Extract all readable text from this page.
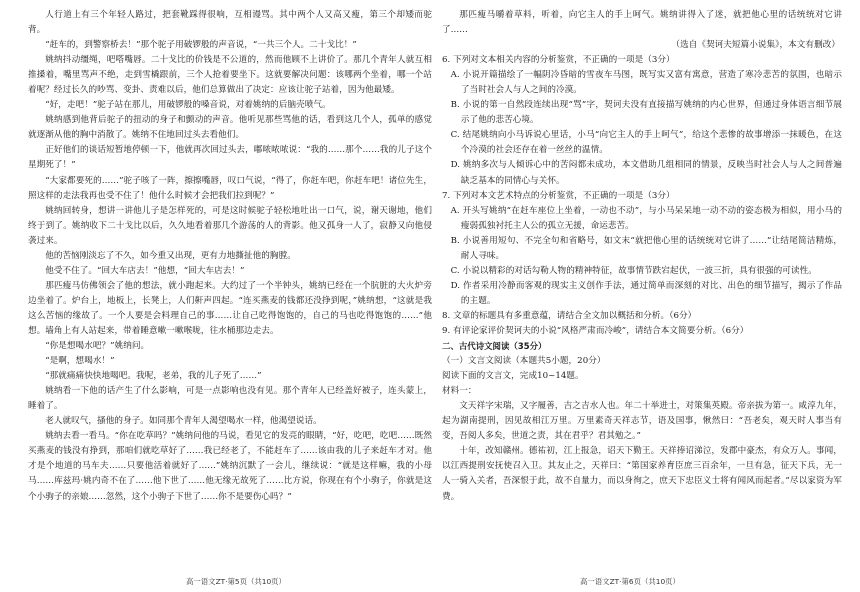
人行道上有三个年轻人路过，把套靴踩得很响，互相谩骂。其中两个人又高又瘦，第三个却矮而驼背。

“赶车的，到警察桥去！”那个驼子用破锣般的声音说，“一共三个人。二十戈比！”

姚纳抖动缰绳，吧嗒嘴唇。二十戈比的价钱是不公道的，然而他顾不上讲价了。那几个青年人就互相推搡着，嘴里骂声不绝，走到雪橇跟前，三个人抢着要坐下。这就要解决问题：该哪两个坐着，哪一个站着呢？经过长久的吵骂、变卦、责难以后，他们总算做出了决定：应该让驼子站着，因为他最矮。

“好，走吧！”驼子站在那儿，用破锣般的嗓音说，对着姚纳的后脑壳喷气。

姚纳感到他背后驼子的扭动的身子和颤动的声音。他听见那些骂他的话，看到这几个人，孤单的感觉就逐渐从他的胸中消散了。姚纳不住地回过头去看他们。

正好他们的谈话短暂地停顿一下，他就再次回过头去，嘟哝哝哝说：“我的……那个……我的儿子这个星期死了！”

“大家都要死的……”驼子咳了一阵，擦擦嘴唇，叹口气说，“得了，你赶车吧，你赶车吧！诸位先生，照这样的走法我再也受不住了！他什么时候才会把我们拉到呢？”

姚纳回转身，想讲一讲他儿子是怎样死的，可是这时候驼子轻松地吐出一口气，说，谢天谢地，他们终于到了。姚纳收下二十戈比以后，久久地看着那几个游荡的人的背影。他又孤身一人了，寂静又向他侵袭过来。

他的苦恼刚淡忘了不久，如今重又出现，更有力地撕扯他的胸膛。

他受不住了。“回大车店去！”他想，“回大车店去！”

那匹瘦马仿佛领会了他的想法，就小跑起来。大约过了一个半钟头，姚纳已经在一个肮脏的大火炉旁边坐着了。炉台上，地板上，长凳上，人们鼾声四起。“连买燕麦的钱都还没挣到呢，”姚纳想，“这就是我这么苦恼的缘故了。一个人要是会料理自己的事……让自己吃得饱饱的，自己的马也吃得饱饱的……”他想。墙角上有人站起来，带着睡意嗽一嗽喉咙，往水桶那边走去。

“你是想喝水吧？”姚纳问。

“是啊，想喝水！”

“那就痛痛快快地喝吧。我呢，老弟，我的儿子死了……”

姚纳看一下他的话产生了什么影响，可是一点影响也没有见。那个青年人已经盖好被子，连头蒙上，睡着了。

老人就叹气，搔他的身子。如同那个青年人渴望喝水一样，他渴望说话。

姚纳去看一看马。“你在吃草吗？”姚纳问他的马说，看见它的发亮的眼睛，“好，吃吧，吃吧……既然买燕麦的钱没有挣到，那咱们就吃草好了……我已经老了，不能赶车了……该由我的儿子来赶车才对。他才是个地道的马车夫……只要他活着就好了……”姚纳沉默了一会儿，继续说：“就是这样嘛，我的小母马……库兹玛·姚内奇不在了……他下世了……他无缘无故死了……比方说，你现在有个小驹子，你就是这个小驹子的亲娘……忽然，这个小驹子下世了……你不是要伤心吗？”

那匹瘦马嚼着草料，听着，向它主人的手上呵气。姚纳讲得入了迷，就把他心里的话统统对它讲了……

（选自《契诃夫短篇小说集》，本文有删改）

6. 下列对文本相关内容的分析鉴赏，不正确的一项是（3分）

A. 小说开篇描绘了一幅阴冷昏暗的雪夜车马图，既写实又富有寓意，营造了寒冷悲苦的氛围，也暗示了当时社会人与人之间的冷漠。

B. 小说的第一自然段连续出现“骂”字，契诃夫没有直接描写姚纳的内心世界，但通过身体语言细节展示了他的悲苦心境。

C. 结尾姚纳向小马诉说心里话，小马“向它主人的手上呵气”，给这个悲惨的故事增添一抹暖色，在这个冷漠的社会还存在着一丝丝的温情。

D. 姚纳多次与人倾诉心中的苦闷都未成功，本文借助几组相同的情景，反映当时社会人与人之间普遍缺乏基本的同情心与关怀。

7. 下列对本文艺术特点的分析鉴赏，不正确的一项是（3分）

A. 开头写姚纳“在赶车座位上坐着，一动也不动”，与小马呆呆地一动不动的姿态极为相似，用小马的瘦弱孤独衬托主人公的孤立无援，命运悲苦。

B. 小说善用短句、不完全句和省略号，如文末“就把他心里的话统统对它讲了……”让结尾简洁精炼，耐人寻味。

C. 小说以精彩的对话勾勒人物的精神特征，故事情节跌宕起伏，一波三折，具有很强的可读性。

D. 作者采用冷静而客观的现实主义创作手法，通过简单而深刻的对比、出色的细节描写，揭示了作品的主题。

8. 文章的标题具有多重意蕴，请结合全文加以概括和分析。（6分）

9. 有评论家评价契诃夫的小说“风格严肃而冷峻”，请结合本文简要分析。（6分）

二、古代诗文阅读（35分）

（一）文言文阅读（本题共5小题，20分）

阅读下面的文言文，完成10~14题。

材料一：

文天祥字宋瑞，又字履善，吉之吉水人也。年二十举进士，对策集英殿。帝亲拔为第一。咸淳九年，起为湖南提刑，因见故相江万里。万里素奇天祥志节，语及国事，愀然曰：“吾老矣，观天时人事当有变，吾阅人多矣，世道之责，其在君乎？君其勉之。”

十年，改知赣州。德祐初，江上报急，诏天下勤王。天祥捧诏涕泣，发郡中豪杰，有众万人。事闻，以江西提刑安抚使召入卫。其友止之，天祥曰：“第国家养育臣庶三百余年，一旦有急，征天下兵，无一人一骑入关者，吾深恨于此，故不自量力，而以身徇之，庶天下忠臣义士将有闻风而起者。”尽以家资为军费。

高一语文ZT·第5页（共10页）	高一语文ZT·第6页（共10页）
